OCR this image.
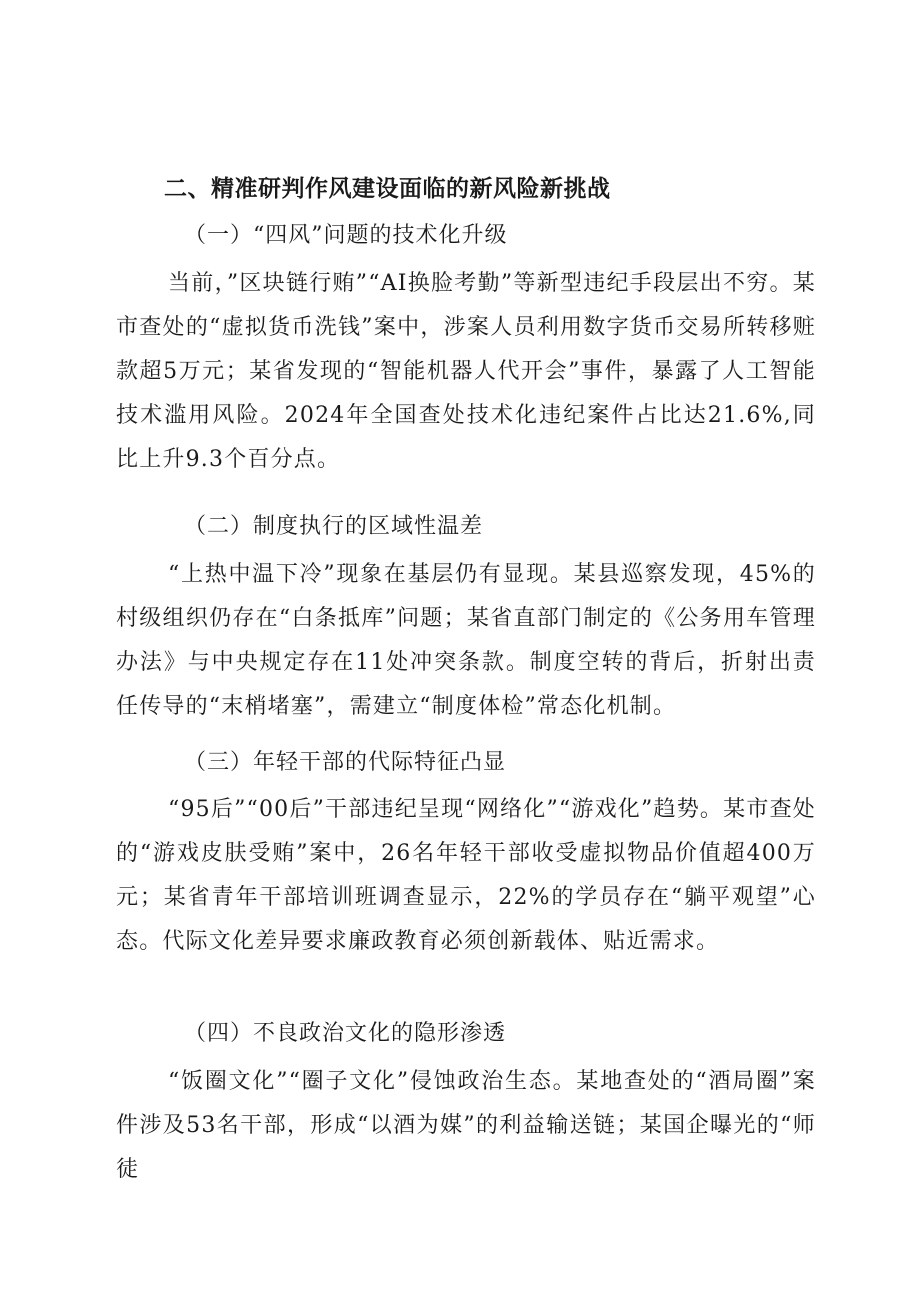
二、精准研判作风建设面临的新风险新挑战
（一）“四风”问题的技术化升级

当前，”区块链行贿”“AI换脸考勤”等新型违纪手段层出不穷。某市查处的“虚拟货币洗钱”案中，涉案人员利用数字货币交易所转移赃款超5万元；某省发现的“智能机器人代开会”事件，暴露了人工智能技术滥用风险。2024年全国查处技术化违纪案件占比达21.6%,同比上升9.3个百分点。

（二）制度执行的区域性温差

“上热中温下冷”现象在基层仍有显现。某县巡察发现，45%的村级组织仍存在“白条抵库”问题；某省直部门制定的《公务用车管理办法》与中央规定存在11处冲突条款。制度空转的背后，折射出责任传导的“末梢堵塞”，需建立“制度体检”常态化机制。

（三）年轻干部的代际特征凸显

“95后”“00后”干部违纪呈现“网络化”“游戏化”趋势。某市查处的“游戏皮肤受贿”案中，26名年轻干部收受虚拟物品价值超400万元；某省青年干部培训班调查显示，22%的学员存在“躺平观望”心态。代际文化差异要求廉政教育必须创新载体、贴近需求。

（四）不良政治文化的隐形渗透

“饭圈文化”“圈子文化”侵蚀政治生态。某地查处的“酒局圈”案件涉及53名干部，形成“以酒为媒”的利益输送链；某国企曝光的“师徒
